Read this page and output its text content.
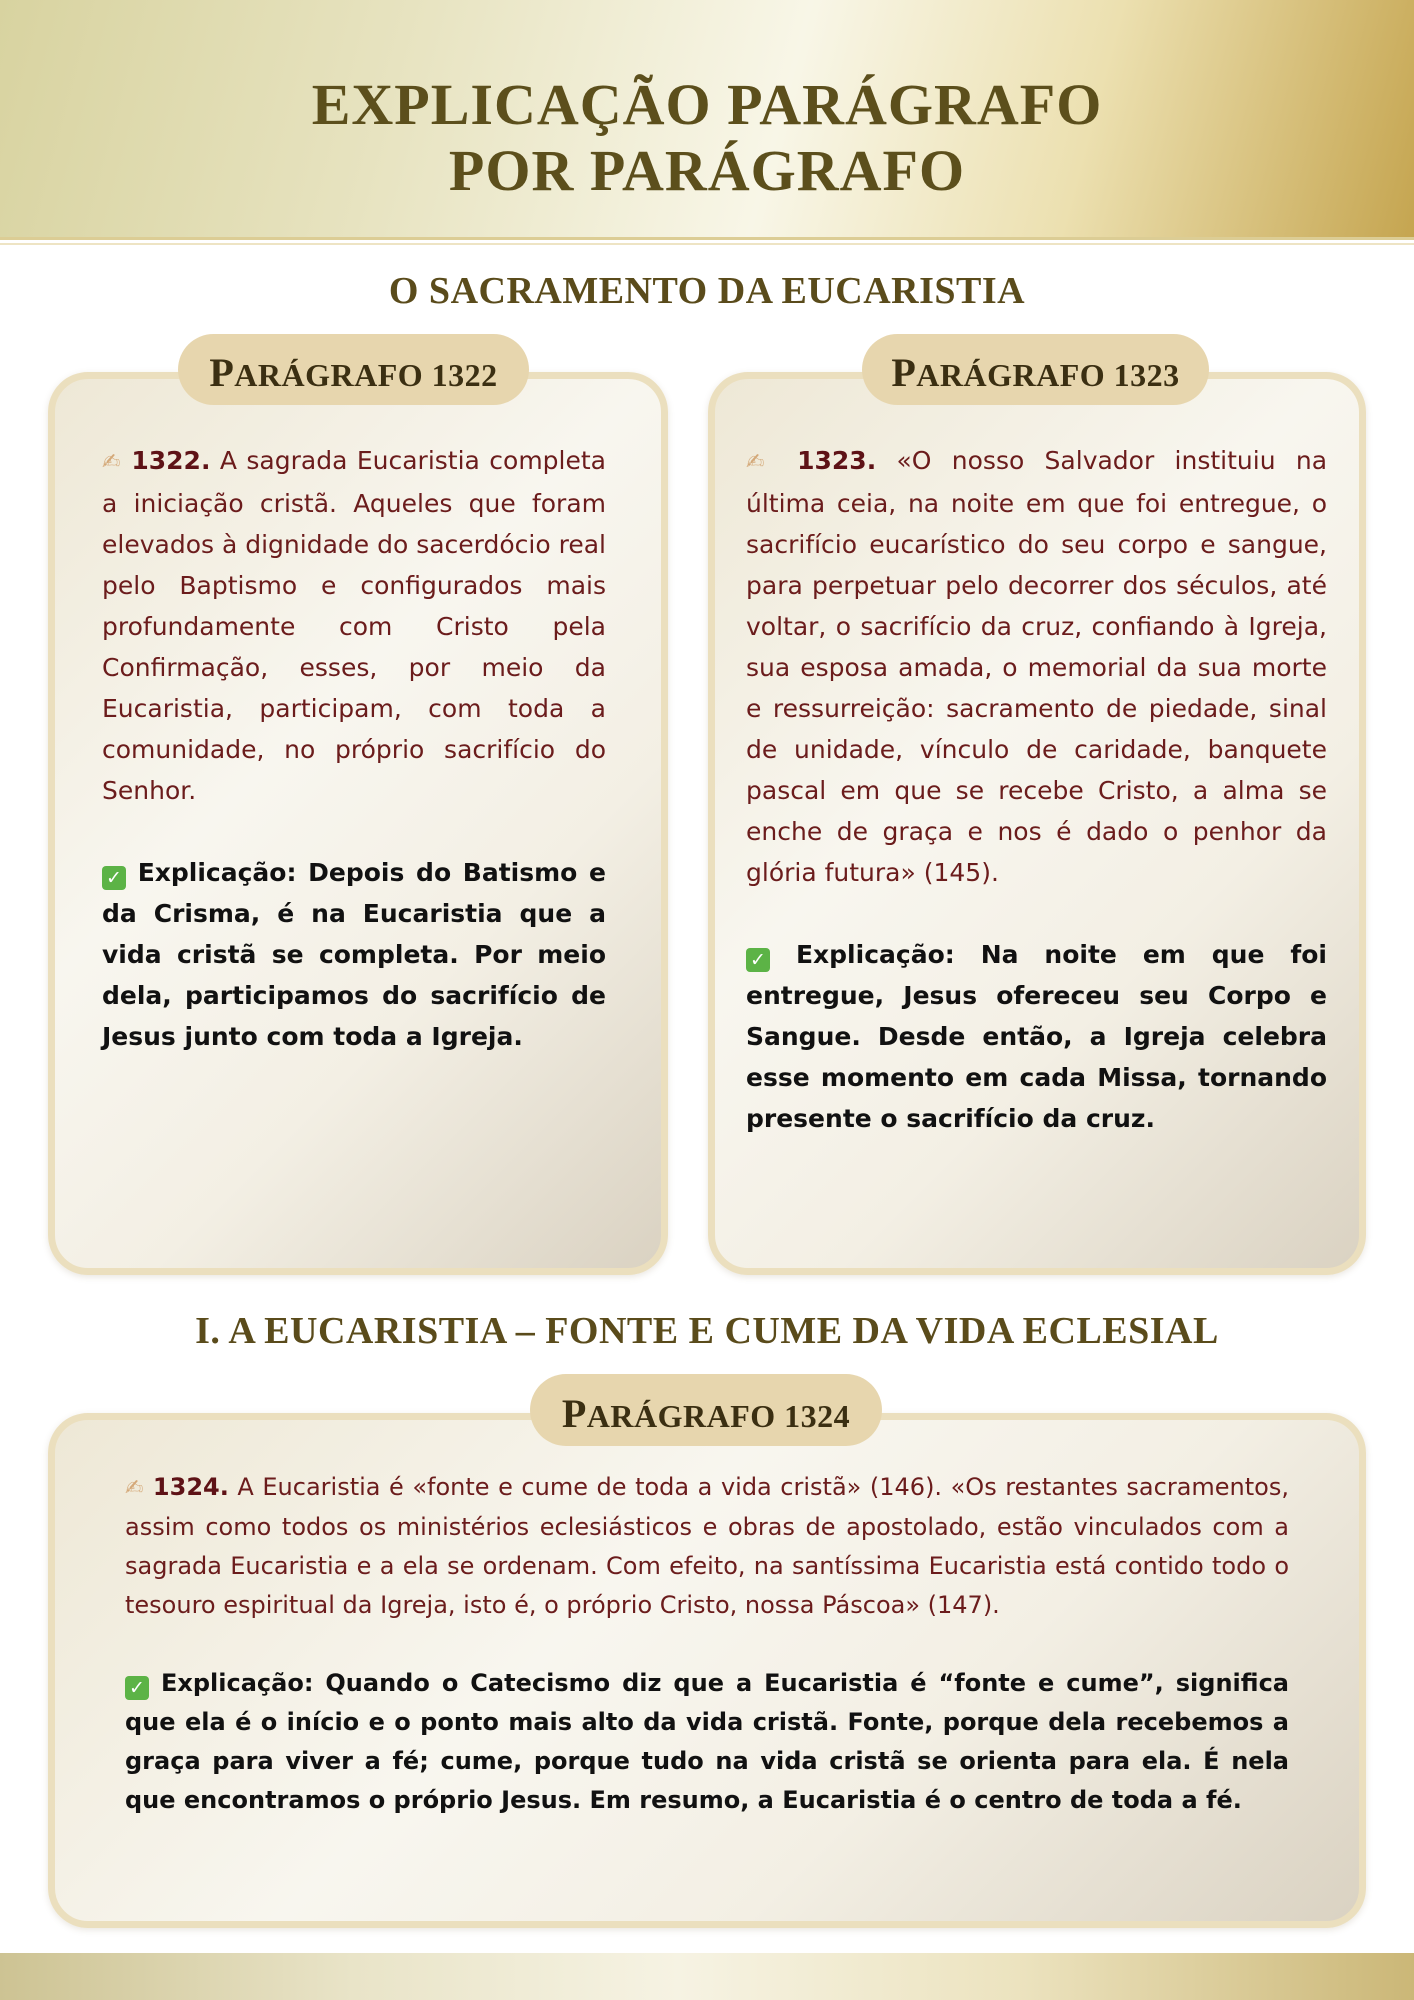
EXPLICAÇÃO PARÁGRAFO
POR PARÁGRAFO
O SACRAMENTO DA EUCARISTIA

✍ 1322. A sagrada Eucaristia completa a iniciação cristã. Aqueles que foram elevados à dignidade do sacerdócio real pelo Baptismo e configurados mais profundamente com Cristo pela Confirmação, esses, por meio da Eucaristia, participam, com toda a comunidade, no próprio sacrifício do Senhor.

✓ Explicação: Depois do Batismo e da Crisma, é na Eucaristia que a vida cristã se completa. Por meio dela, participamos do sacrifício de Jesus junto com toda a Igreja.

✍ 1323. «O nosso Salvador instituiu na última ceia, na noite em que foi entregue, o sacrifício eucarístico do seu corpo e sangue, para perpetuar pelo decorrer dos séculos, até voltar, o sacrifício da cruz, confiando à Igreja, sua esposa amada, o memorial da sua morte e ressurreição: sacramento de piedade, sinal de unidade, vínculo de caridade, banquete pascal em que se recebe Cristo, a alma se enche de graça e nos é dado o penhor da glória futura» (145).

✓ Explicação: Na noite em que foi entregue, Jesus ofereceu seu Corpo e Sangue. Desde então, a Igreja celebra esse momento em cada Missa, tornando presente o sacrifício da cruz.

PARÁGRAFO 1322	PARÁGRAFO 1323
I. A EUCARISTIA – FONTE E CUME DA VIDA ECLESIAL

✍ 1324. A Eucaristia é «fonte e cume de toda a vida cristã» (146). «Os restantes sacramentos, assim como todos os ministérios eclesiásticos e obras de apostolado, estão vinculados com a sagrada Eucaristia e a ela se ordenam. Com efeito, na santíssima Eucaristia está contido todo o tesouro espiritual da Igreja, isto é, o próprio Cristo, nossa Páscoa» (147).

✓ Explicação: Quando o Catecismo diz que a Eucaristia é “fonte e cume”, significa que ela é o início e o ponto mais alto da vida cristã. Fonte, porque dela recebemos a graça para viver a fé; cume, porque tudo na vida cristã se orienta para ela. É nela que encontramos o próprio Jesus. Em resumo, a Eucaristia é o centro de toda a fé.

PARÁGRAFO 1324
